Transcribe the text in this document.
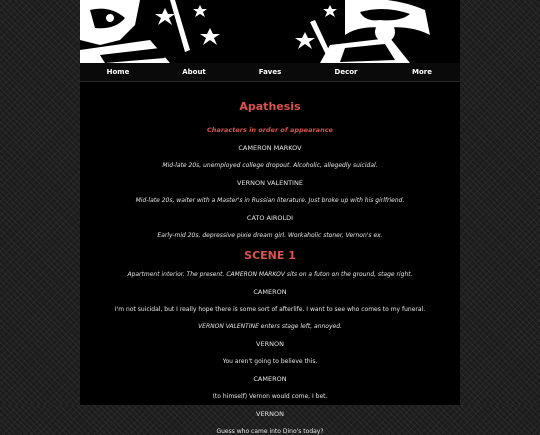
Home	About	Faves	Decor	More

Apathesis

Characters in order of appearance

CAMERON MARKOV

Mid-late 20s, unemployed college dropout. Alcoholic, allegedly suicidal.

VERNON VALENTINE

Mid-late 20s, waiter with a Master's in Russian literature. Just broke up with his girlfriend.

CATO AIROLDI

Early-mid 20s, depressive pixie dream girl. Workaholic stoner, Vernon's ex.

SCENE 1

Apartment interior. The present. CAMERON MARKOV sits on a futon on the ground, stage right.

CAMERON

I'm not suicidal, but I really hope there is some sort of afterlife. I want to see who comes to my funeral.

VERNON VALENTINE enters stage left, annoyed.

VERNON

You aren't going to believe this.

CAMERON

(to himself) Vernon would come, I bet.

VERNON

Guess who came into Dino's today?
